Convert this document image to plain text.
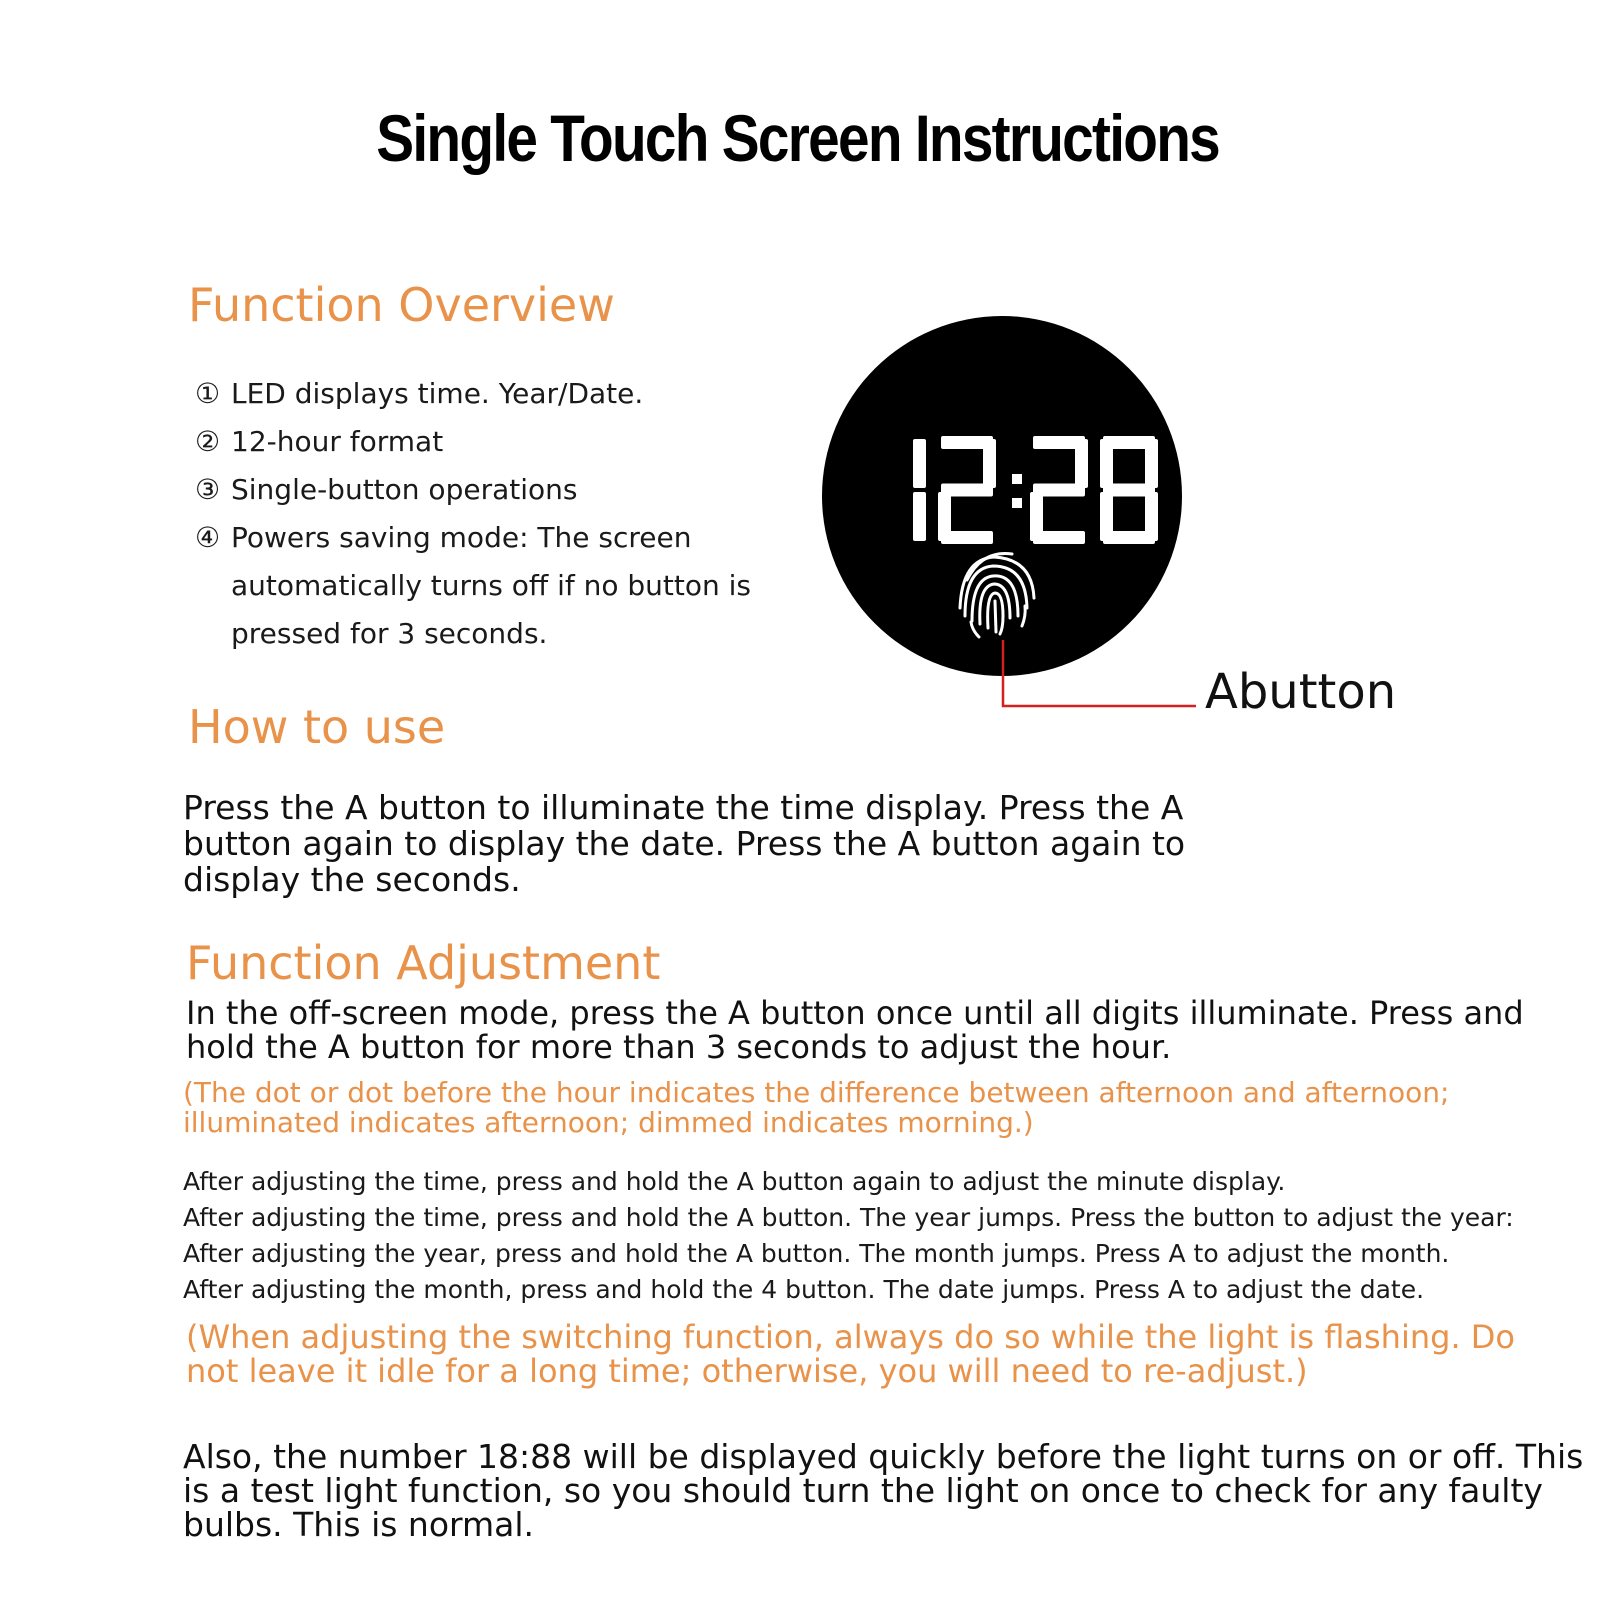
Single Touch Screen Instructions
Function Overview
① LED displays time. Year/Date.
② 12-hour format
③ Single-button operations
④ Powers saving mode: The screen automatically turns off if no button is pressed for 3 seconds.
Abutton
How to use
Press the A button to illuminate the time display. Press the A button again to display the date. Press the A button again to display the seconds.
Function Adjustment
In the off-screen mode, press the A button once until all digits illuminate. Press and hold the A button for more than 3 seconds to adjust the hour.
(The dot or dot before the hour indicates the difference between afternoon and afternoon; illuminated indicates afternoon; dimmed indicates morning.)
After adjusting the time, press and hold the A button again to adjust the minute display.
After adjusting the time, press and hold the A button. The year jumps. Press the button to adjust the year:
After adjusting the year, press and hold the A button. The month jumps. Press A to adjust the month.
After adjusting the month, press and hold the 4 button. The date jumps. Press A to adjust the date.
(When adjusting the switching function, always do so while the light is flashing. Do not leave it idle for a long time; otherwise, you will need to re-adjust.)
Also, the number 18:88 will be displayed quickly before the light turns on or off. This is a test light function, so you should turn the light on once to check for any faulty bulbs. This is normal.
